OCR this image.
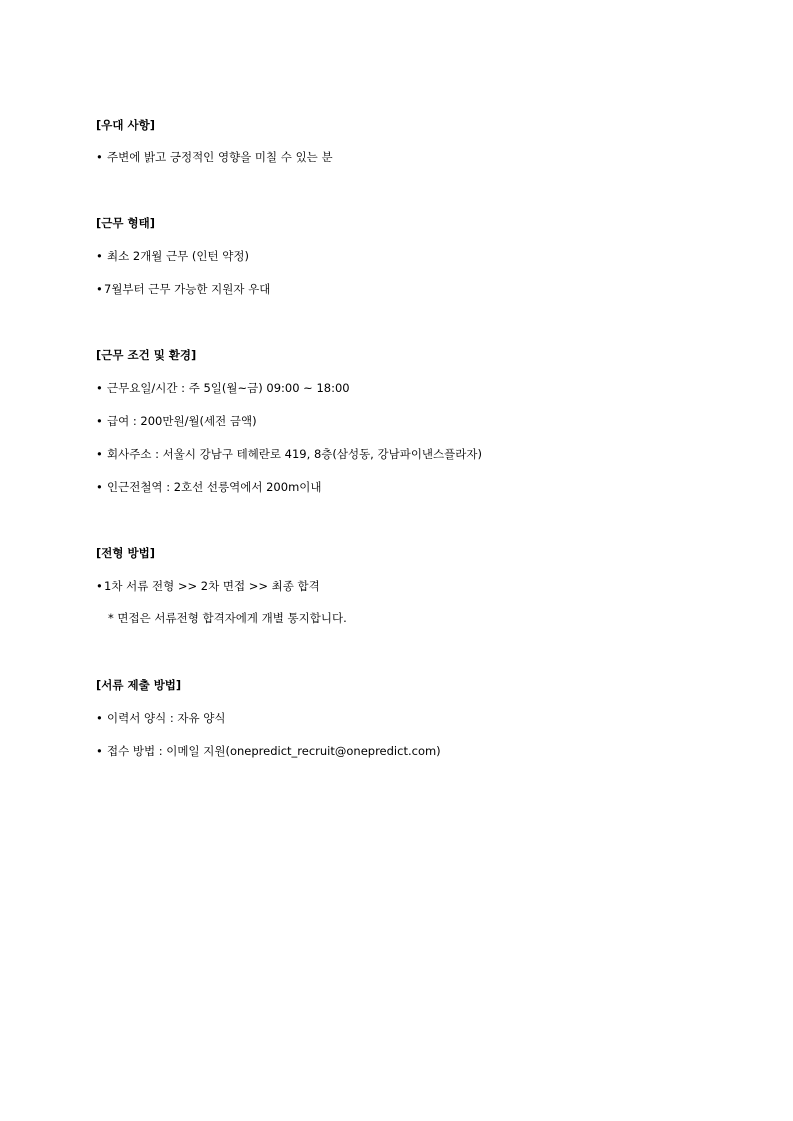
[우대 사항]
• 주변에 밝고 긍정적인 영향을 미칠 수 있는 분
[근무 형태]
• 최소 2개월 근무 (인턴 약정)
•7월부터 근무 가능한 지원자 우대
[근무 조건 및 환경]
• 근무요일/시간 : 주 5일(월~금) 09:00 ~ 18:00
• 급여 : 200만원/월(세전 금액)
• 회사주소 : 서울시 강남구 테헤란로 419, 8층(삼성동, 강남파이낸스플라자)
• 인근전철역 : 2호선 선릉역에서 200m이내
[전형 방법]
•1차 서류 전형 >> 2차 면접 >> 최종 합격
* 면접은 서류전형 합격자에게 개별 통지합니다.
[서류 제출 방법]
• 이력서 양식 : 자유 양식
• 접수 방법 : 이메일 지원(onepredict_recruit@onepredict.com)
